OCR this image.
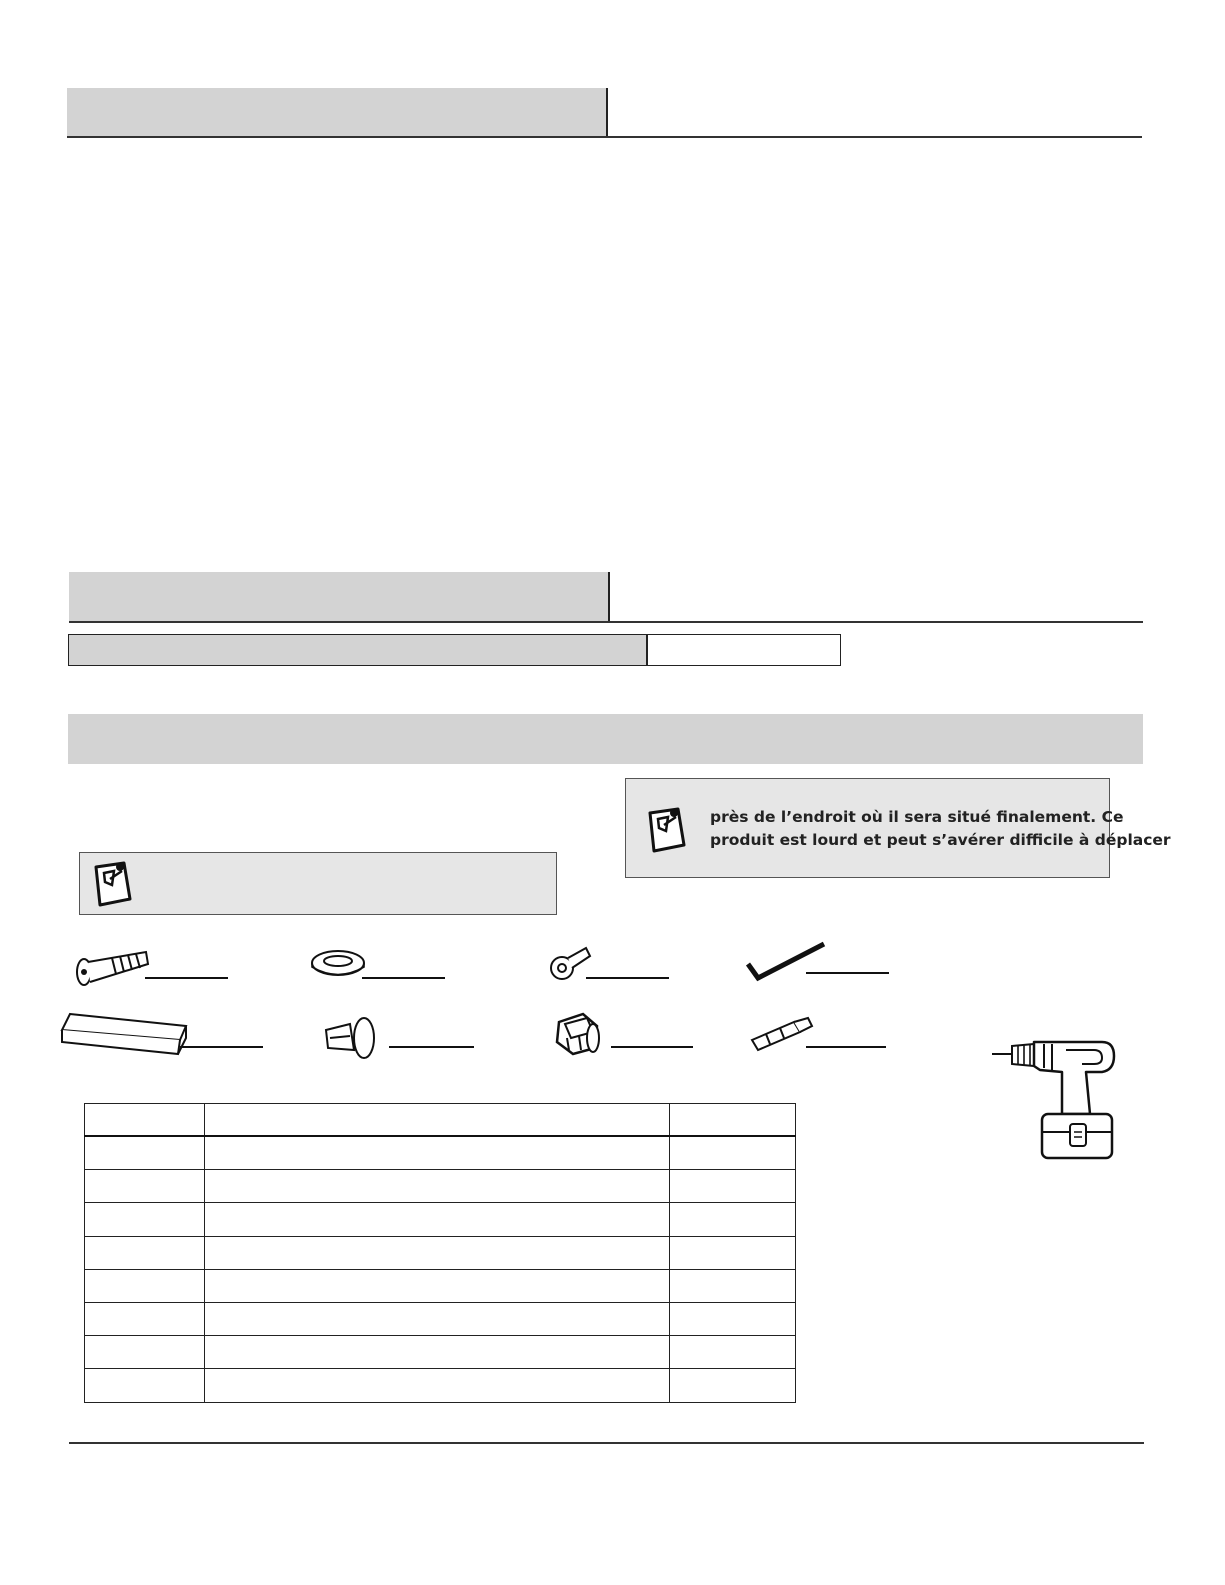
près de l’endroit où il sera situé finalement. Ce
produit est lourd et peut s’avérer difficile à déplacer
